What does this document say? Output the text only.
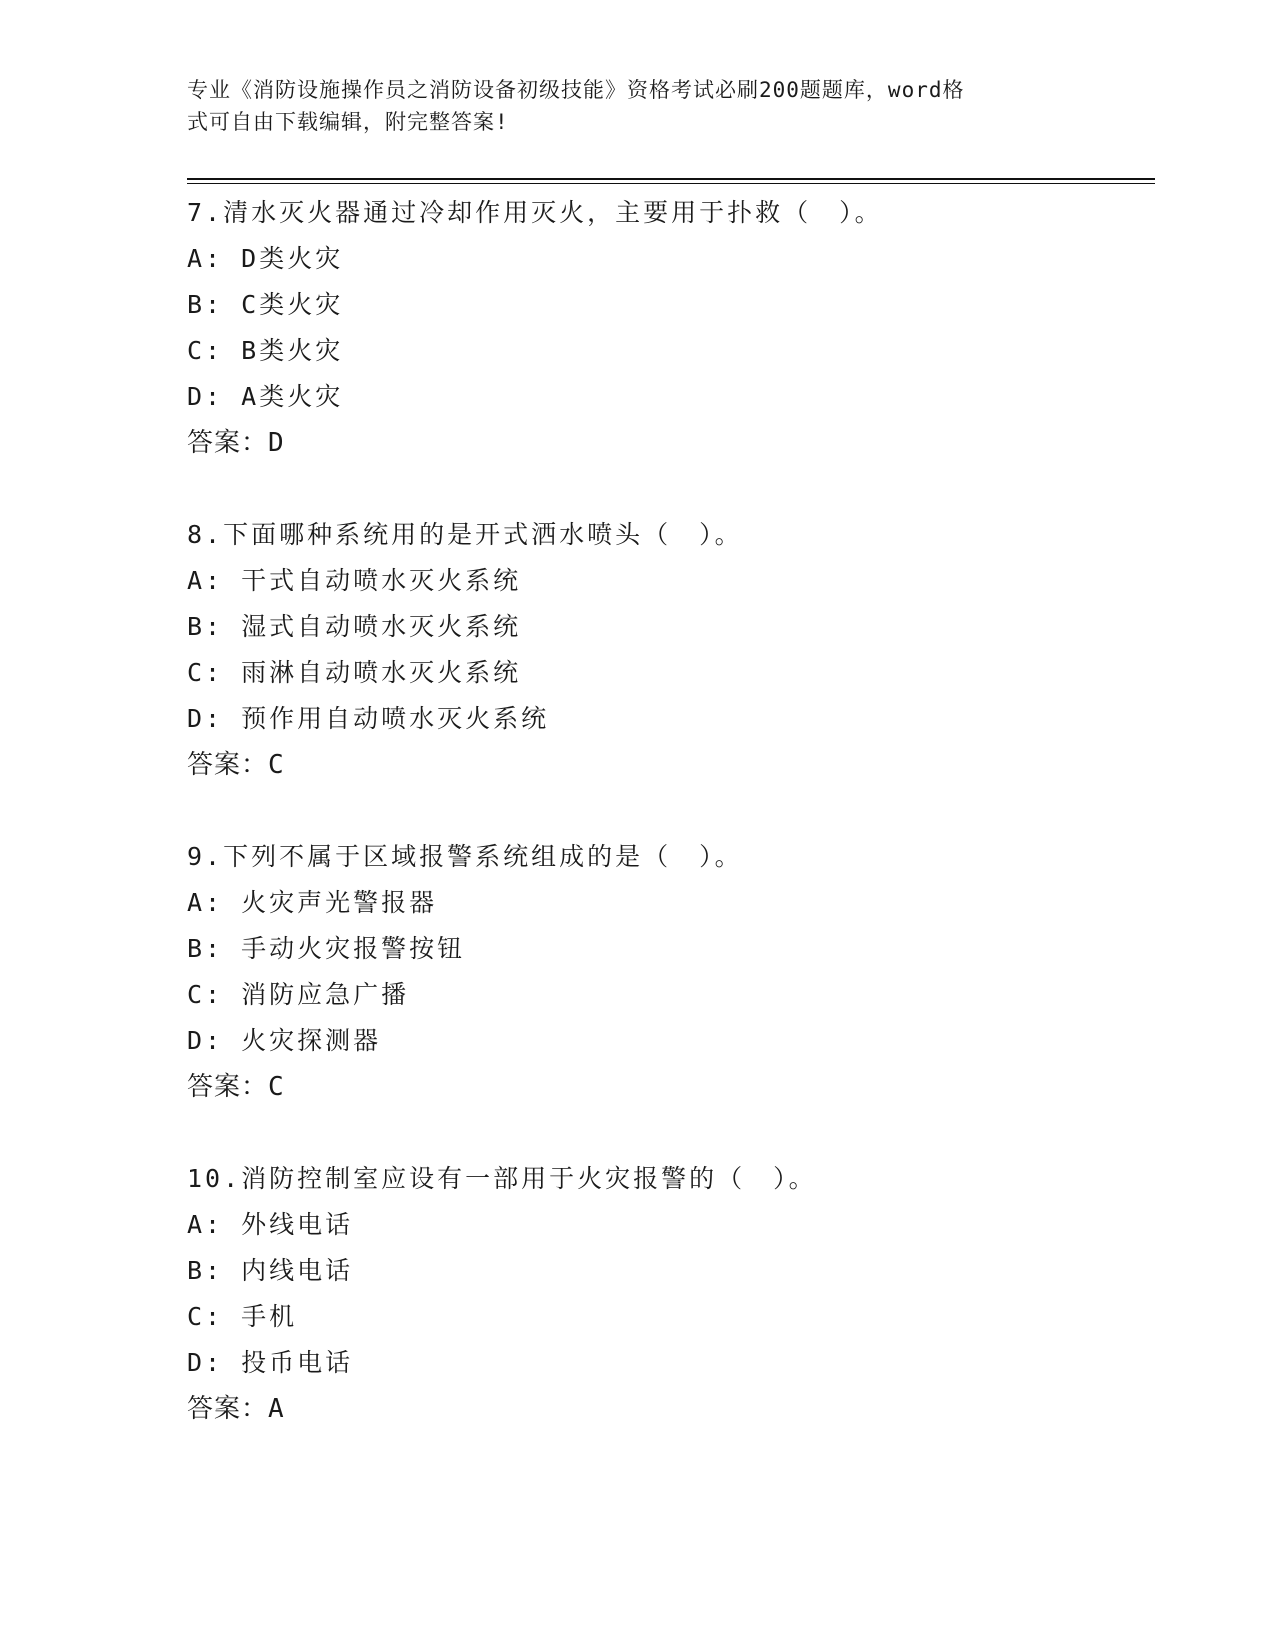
专业《消防设施操作员之消防设备初级技能》资格考试必刷200题题库，word格
式可自由下载编辑，附完整答案!
7.清水灭火器通过冷却作用灭火，主要用于扑救（　）。
A: D类火灾
B: C类火灾
C: B类火灾
D: A类火灾
答案：D
8.下面哪种系统用的是开式洒水喷头（　）。
A: 干式自动喷水灭火系统
B: 湿式自动喷水灭火系统
C: 雨淋自动喷水灭火系统
D: 预作用自动喷水灭火系统
答案：C
9.下列不属于区域报警系统组成的是（　）。
A: 火灾声光警报器
B: 手动火灾报警按钮
C: 消防应急广播
D: 火灾探测器
答案：C
10.消防控制室应设有一部用于火灾报警的（　）。
A: 外线电话
B: 内线电话
C: 手机
D: 投币电话
答案：A
